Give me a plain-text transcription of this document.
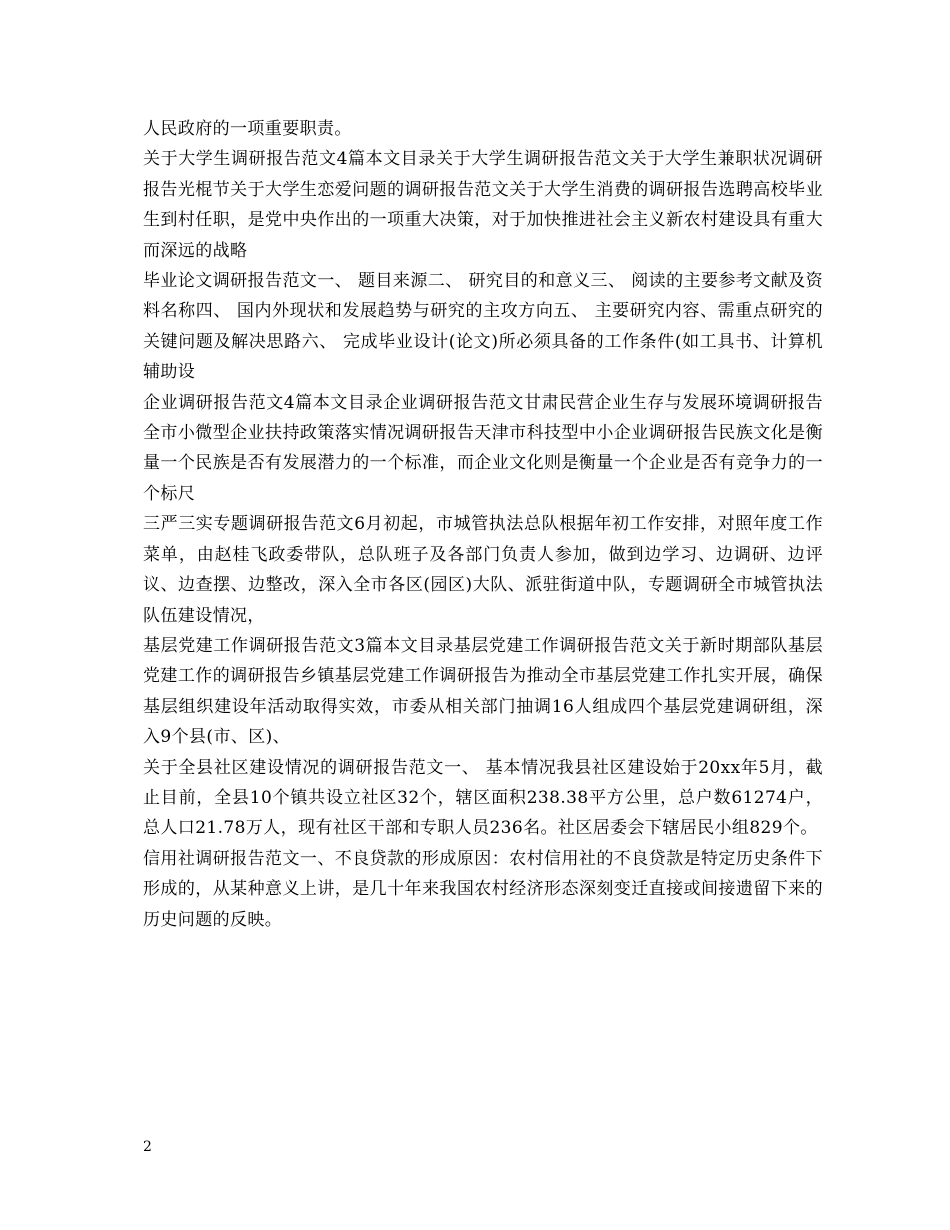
人民政府的一项重要职责。

关于大学生调研报告范文4篇本文目录关于大学生调研报告范文关于大学生兼职状况调研报告光棍节关于大学生恋爱问题的调研报告范文关于大学生消费的调研报告选聘高校毕业生到村任职，是党中央作出的一项重大决策，对于加快推进社会主义新农村建设具有重大而深远的战略

毕业论文调研报告范文一、 题目来源二、 研究目的和意义三、 阅读的主要参考文献及资料名称四、 国内外现状和发展趋势与研究的主攻方向五、 主要研究内容、需重点研究的关键问题及解决思路六、 完成毕业设计(论文)所必须具备的工作条件(如工具书、计算机辅助设

企业调研报告范文4篇本文目录企业调研报告范文甘肃民营企业生存与发展环境调研报告全市小微型企业扶持政策落实情况调研报告天津市科技型中小企业调研报告民族文化是衡量一个民族是否有发展潜力的一个标准，而企业文化则是衡量一个企业是否有竞争力的一个标尺

三严三实专题调研报告范文6月初起，市城管执法总队根据年初工作安排，对照年度工作菜单，由赵桂飞政委带队，总队班子及各部门负责人参加，做到边学习、边调研、边评议、边查摆、边整改，深入全市各区(园区)大队、派驻街道中队，专题调研全市城管执法队伍建设情况，

基层党建工作调研报告范文3篇本文目录基层党建工作调研报告范文关于新时期部队基层党建工作的调研报告乡镇基层党建工作调研报告为推动全市基层党建工作扎实开展，确保基层组织建设年活动取得实效，市委从相关部门抽调16人组成四个基层党建调研组，深入9个县(市、区)、

关于全县社区建设情况的调研报告范文一、 基本情况我县社区建设始于20xx年5月，截止目前，全县10个镇共设立社区32个，辖区面积238.38平方公里，总户数61274户，总人口21.78万人，现有社区干部和专职人员236名。社区居委会下辖居民小组829个。

信用社调研报告范文一、不良贷款的形成原因：农村信用社的不良贷款是特定历史条件下形成的，从某种意义上讲，是几十年来我国农村经济形态深刻变迁直接或间接遗留下来的历史问题的反映。

2
